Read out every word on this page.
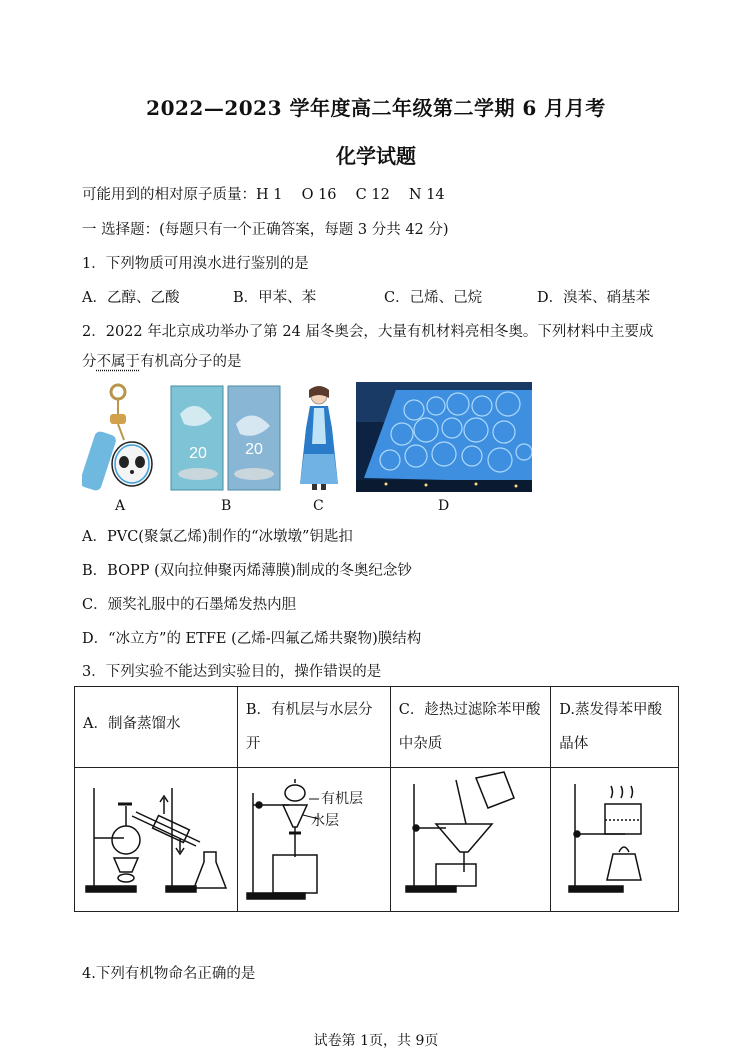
2022—2023 学年度高二年级第二学期 6 月月考
化学试题
可能用到的相对原子质量：H 1　 O 16　 C 12　 N 14
一 选择题：(每题只有一个正确答案，每题 3 分共 42 分)
1．下列物质可用溴水进行鉴别的是
A．乙醇、乙酸	B．甲苯、苯	C．己烯、己烷	D．溴苯、硝基苯
2．2022 年北京成功举办了第 24 届冬奥会，大量有机材料亮相冬奥。下列材料中主要成
分不属于有机高分子的是
20 20
A	B	C	D
A．PVC(聚氯乙烯)制作的“冰墩墩”钥匙扣
B．BOPP (双向拉伸聚丙烯薄膜)制成的冬奥纪念钞
C．颁奖礼服中的石墨烯发热内胆
D．“冰立方”的 ETFE (乙烯-四氟乙烯共聚物)膜结构
3．下列实验不能达到实验目的，操作错误的是
A．制备蒸馏水	B．有机层与水层分开	C．趁热过滤除苯甲酸中杂质	D.蒸发得苯甲酸晶体

有机层
水层

4.下列有机物命名正确的是
试卷第 1页，共 9页
